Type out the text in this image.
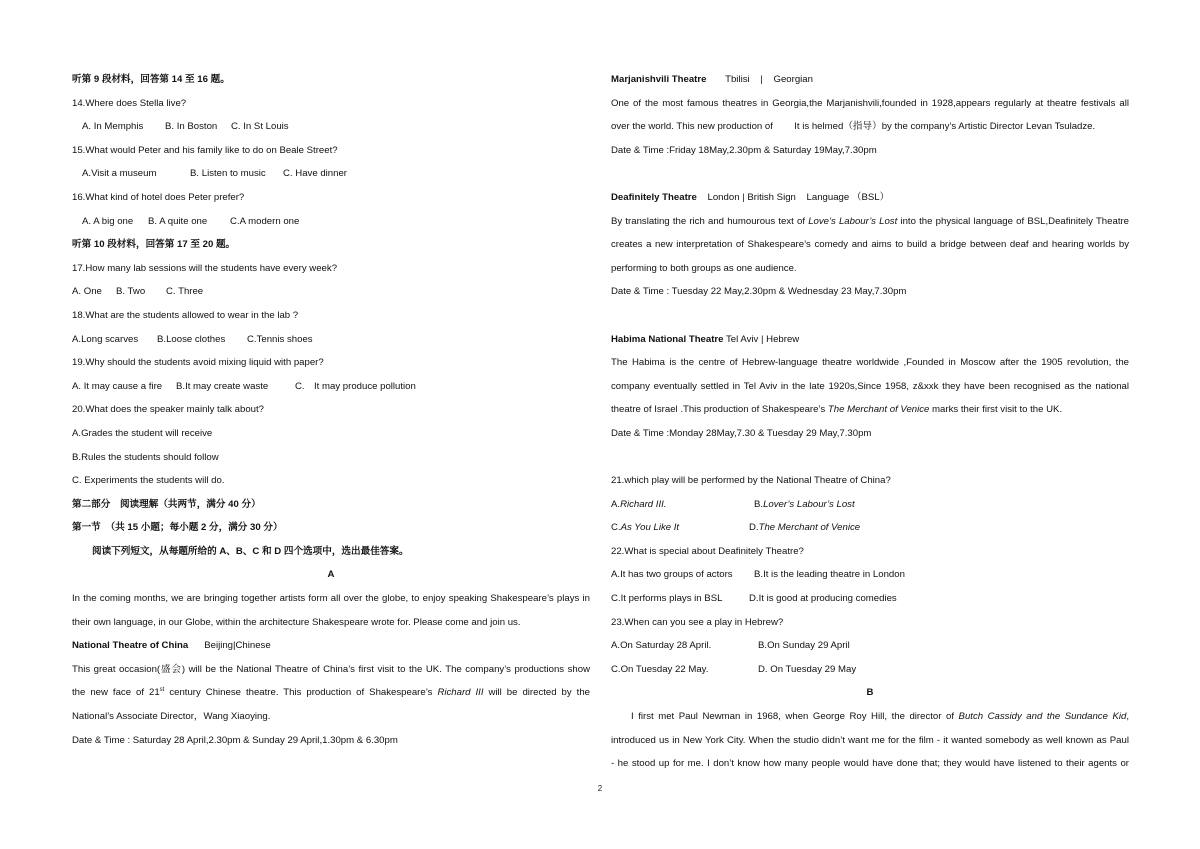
听第 9 段材料，回答第 14 至 16 题。
14.Where does Stella live?
A. In Memphis B. In Boston C. In St Louis
15.What would Peter and his family like to do on Beale Street?
A.Visit a museum	B. Listen to music C. Have dinner
16.What kind of hotel does Peter prefer?
A. A big one B. A quite one C.A modern one
听第 10 段材料，回答第 17 至 20 题。
17.How many lab sessions will the students have every week?
A. One B. Two C. Three
18.What are the students allowed to wear in the lab ?
A.Long scarves B.Loose clothes C.Tennis shoes
19.Why should the students avoid mixing liquid with paper?
A. It may cause a fire B.It may create waste	C. It may produce pollution
20.What does the speaker mainly talk about?
A.Grades the student will receive
B.Rules the students should follow
C. Experiments the students will do.
第二部分　阅读理解（共两节，满分 40 分）
第一节　（共 15 小题；每小题 2 分，满分 30 分）
阅读下列短文，从每题所给的 A、B、C 和 D 四个选项中，选出最佳答案。
A
In the coming months, we are bringing together artists form all over the globe, to enjoy speaking Shakespeare’s plays in
their own language, in our Globe, within the architecture Shakespeare wrote for. Please come and join us.
National Theatre of China Beijing|Chinese
This great occasion(盛会) will be the National Theatre of China’s first visit to the UK. The company’s productions show
the new face of 21st century Chinese theatre. This production of Shakespeare’s Richard III will be directed by the
National’s Associate Director，Wang Xiaoying.
Date & Time : Saturday 28 April,2.30pm & Sunday 29 April,1.30pm & 6.30pm
Marjanishvili Theatre Tbilisi | Georgian
One of the most famous theatres in Georgia,the Marjanishvili,founded in 1928,appears regularly at theatre festivals all
over the world. This new production of        It is helmed（指导）by the company’s Artistic Director Levan Tsuladze.
Date & Time :Friday 18May,2.30pm & Saturday 19May,7.30pm
Deafinitely Theatre London | British Sign    Language （BSL）
By translating the rich and humourous text of Love’s Labour’s Lost into the physical language of BSL,Deafinitely Theatre
creates a new interpretation of Shakespeare’s comedy and aims to build a bridge between deaf and hearing worlds by
performing to both groups as one audience.
Date & Time : Tuesday 22 May,2.30pm & Wednesday 23 May,7.30pm
Habima National Theatre Tel Aviv | Hebrew
The Habima is the centre of Hebrew-language theatre worldwide ,Founded in Moscow after the 1905 revolution, the
company eventually settled in Tel Aviv in the late 1920s,Since 1958, z&xxk they have been recognised as the national
theatre of Israel .This production of Shakespeare’s The Merchant of Venice marks their first visit to the UK.
Date & Time :Monday 28May,7.30 & Tuesday 29 May,7.30pm
21.which play will be performed by the National Theatre of China?
A.Richard III.	B.Lover’s Labour’s Lost
C.As You Like It	D.The Merchant of Venice
22.What is special about Deafinitely Theatre?
A.It has two groups of actors B.It is the leading theatre in London
C.It performs plays in BSL	D.It is good at producing comedies
23.When can you see a play in Hebrew?
A.On Saturday 28 April.	B.On Sunday 29 April
C.On Tuesday 22 May.	D. On Tuesday 29 May
B
I first met Paul Newman in 1968, when George Roy Hill, the director of Butch Cassidy and the Sundance Kid,
introduced us in New York City. When the studio didn’t want me for the film - it wanted somebody as well known as Paul
- he stood up for me. I don’t know how many people would have done that; they would have listened to their agents or
2
